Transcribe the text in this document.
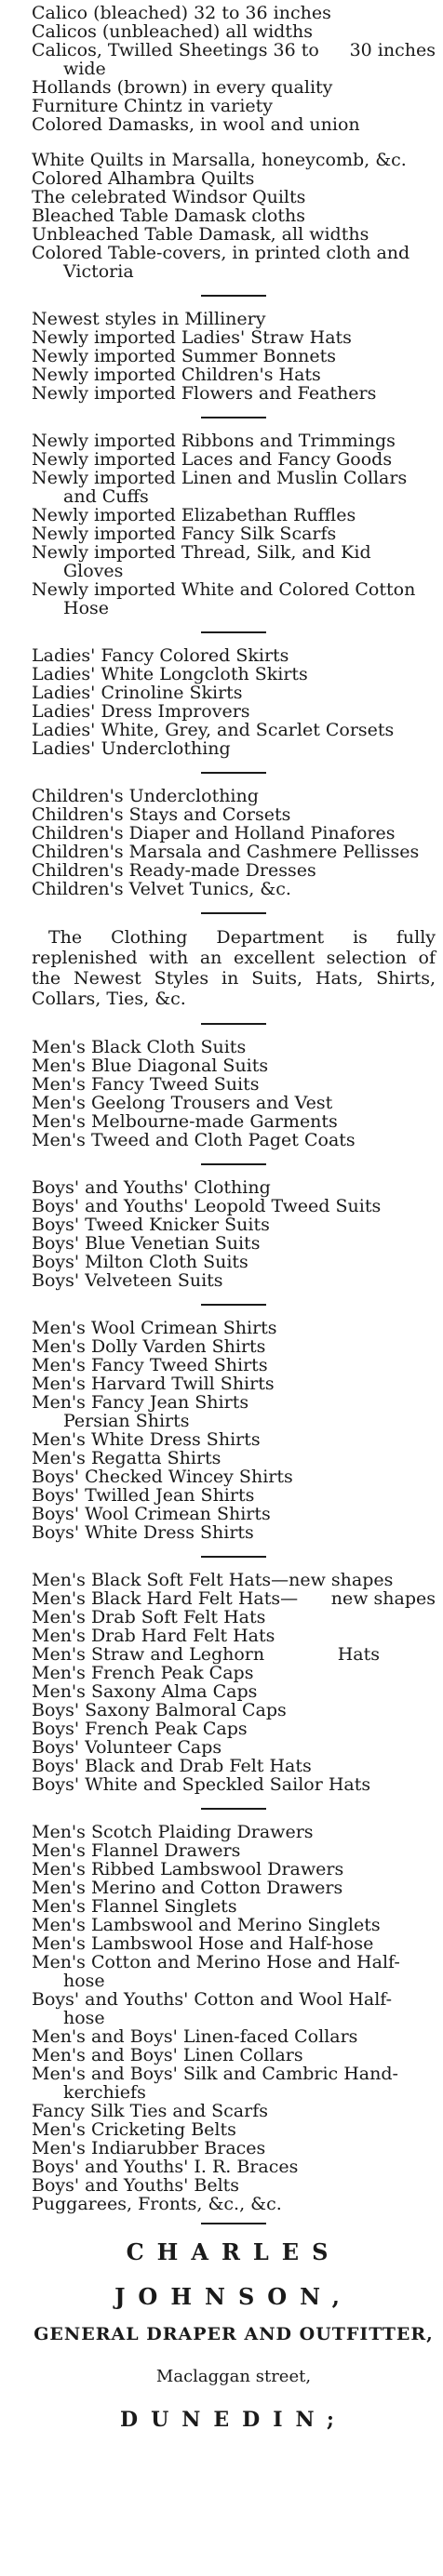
Calico (bleached) 32 to 36 inches
Calicos (unbleached) all widths
Calicos, Twilled Sheetings 36 to 30 inches
wide
Hollands (brown) in every quality
Furniture Chintz in variety
Colored Damasks, in wool and union
White Quilts in Marsalla, honeycomb, &c.
Colored Alhambra Quilts
The celebrated Windsor Quilts
Bleached Table Damask cloths
Unbleached Table Damask, all widths
Colored Table-covers, in printed cloth and
Victoria
Newest styles in Millinery
Newly imported Ladies' Straw Hats
Newly imported Summer Bonnets
Newly imported Children's Hats
Newly imported Flowers and Feathers
Newly imported Ribbons and Trimmings
Newly imported Laces and Fancy Goods
Newly imported Linen and Muslin Collars
and Cuffs
Newly imported Elizabethan Ruffles
Newly imported Fancy Silk Scarfs
Newly imported Thread, Silk, and Kid
Gloves
Newly imported White and Colored Cotton
Hose
Ladies' Fancy Colored Skirts
Ladies' White Longcloth Skirts
Ladies' Crinoline Skirts
Ladies' Dress Improvers
Ladies' White, Grey, and Scarlet Corsets
Ladies' Underclothing
Children's Underclothing
Children's Stays and Corsets
Children's Diaper and Holland Pinafores
Children's Marsala and Cashmere Pellisses
Children's Ready-made Dresses
Children's Velvet Tunics, &c.
The Clothing Department is fully replenished with an excellent selection of the Newest Styles in Suits, Hats, Shirts, Collars, Ties, &c.
Men's Black Cloth Suits
Men's Blue Diagonal Suits
Men's Fancy Tweed Suits
Men's Geelong Trousers and Vest
Men's Melbourne-made Garments
Men's Tweed and Cloth Paget Coats
Boys' and Youths' Clothing
Boys' and Youths' Leopold Tweed Suits
Boys' Tweed Knicker Suits
Boys' Blue Venetian Suits
Boys' Milton Cloth Suits
Boys' Velveteen Suits
Men's Wool Crimean Shirts
Men's Dolly Varden Shirts
Men's Fancy Tweed Shirts
Men's Harvard Twill Shirts
Men's Fancy Jean Shirts
Persian Shirts
Men's White Dress Shirts
Men's Regatta Shirts
Boys' Checked Wincey Shirts
Boys' Twilled Jean Shirts
Boys' Wool Crimean Shirts
Boys' White Dress Shirts
Men's Black Soft Felt Hats—new shapes
Men's Black Hard Felt Hats— new shapes
Men's Drab Soft Felt Hats
Men's Drab Hard Felt Hats
Men's Straw and Leghorn	Hats
Men's French Peak Caps
Men's Saxony Alma Caps
Boys' Saxony Balmoral Caps
Boys' French Peak Caps
Boys' Volunteer Caps
Boys' Black and Drab Felt Hats
Boys' White and Speckled Sailor Hats
Men's Scotch Plaiding Drawers
Men's Flannel Drawers
Men's Ribbed Lambswool Drawers
Men's Merino and Cotton Drawers
Men's Flannel Singlets
Men's Lambswool and Merino Singlets
Men's Lambswool Hose and Half-hose
Men's Cotton and Merino Hose and Half-
hose
Boys' and Youths' Cotton and Wool Half-
hose
Men's and Boys' Linen-faced Collars
Men's and Boys' Linen Collars
Men's and Boys' Silk and Cambric Hand-
kerchiefs
Fancy Silk Ties and Scarfs
Men's Cricketing Belts
Men's Indiarubber Braces
Boys' and Youths' I. R. Braces
Boys' and Youths' Belts
Puggarees, Fronts, &c., &c.
CHARLES JOHNSON,
GENERAL DRAPER AND OUTFITTER,
Maclaggan street,
DUNEDIN;
